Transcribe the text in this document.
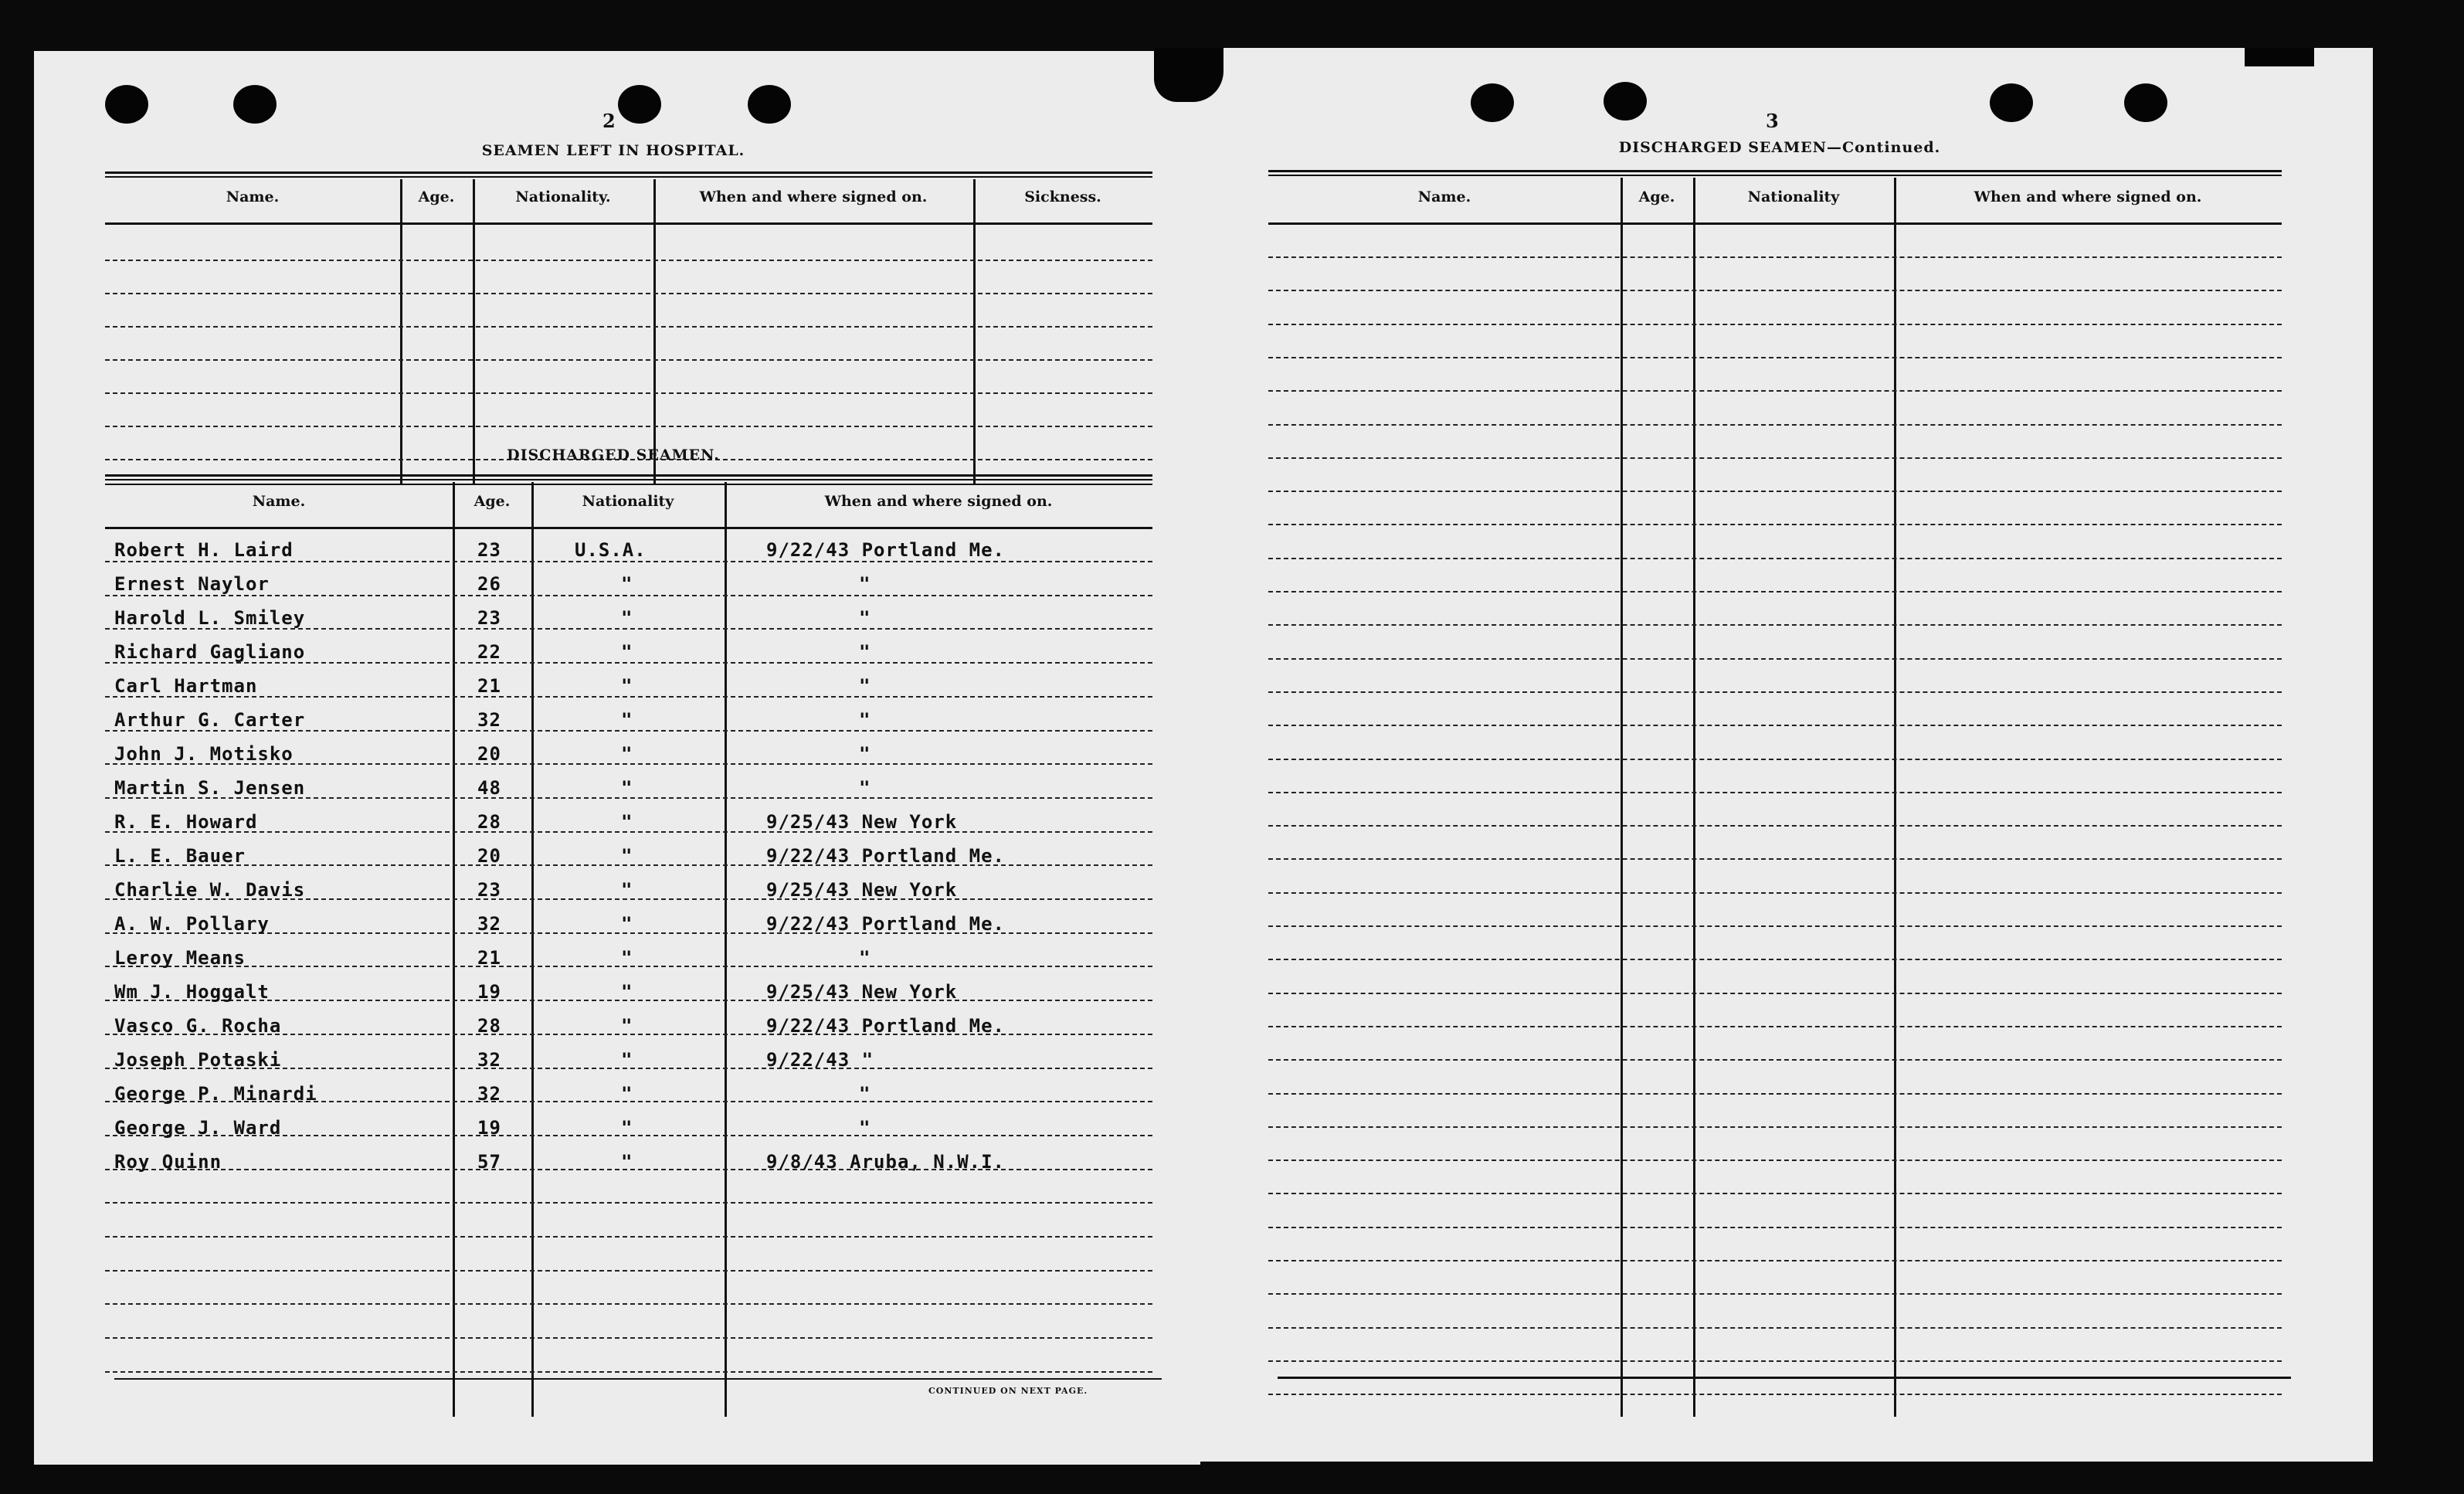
2
SEAMEN LEFT IN HOSPITAL.
Name.	Age.	Nationality.	When and where signed on.	Sickness.
DISCHARGED SEAMEN.
Name.	Age.	Nationality	When and where signed on.
Robert H. Laird	23	U.S.A.	9/22/43 Portland Me.
Ernest Naylor	26	"	"
Harold L. Smiley	23	"	"
Richard Gagliano	22	"	"
Carl Hartman	21	"	"
Arthur G. Carter	32	"	"
John J. Motisko	20	"	"
Martin S. Jensen	48	"	"
R. E. Howard	28	"	9/25/43 New York
L. E. Bauer	20	"	9/22/43 Portland Me.
Charlie W. Davis	23	"	9/25/43 New York
A. W. Pollary	32	"	9/22/43 Portland Me.
Leroy Means	21	"	"
Wm J. Hoggalt	19	"	9/25/43 New York
Vasco G. Rocha	28	"	9/22/43 Portland Me.
Joseph Potaski	32	"	9/22/43 "
George P. Minardi	32	"	"
George J. Ward	19	"	"
Roy Quinn	57	"	9/8/43 Aruba, N.W.I.
CONTINUED ON NEXT PAGE.
3
DISCHARGED SEAMEN—Continued.
Name.	Age.	Nationality	When and where signed on.
